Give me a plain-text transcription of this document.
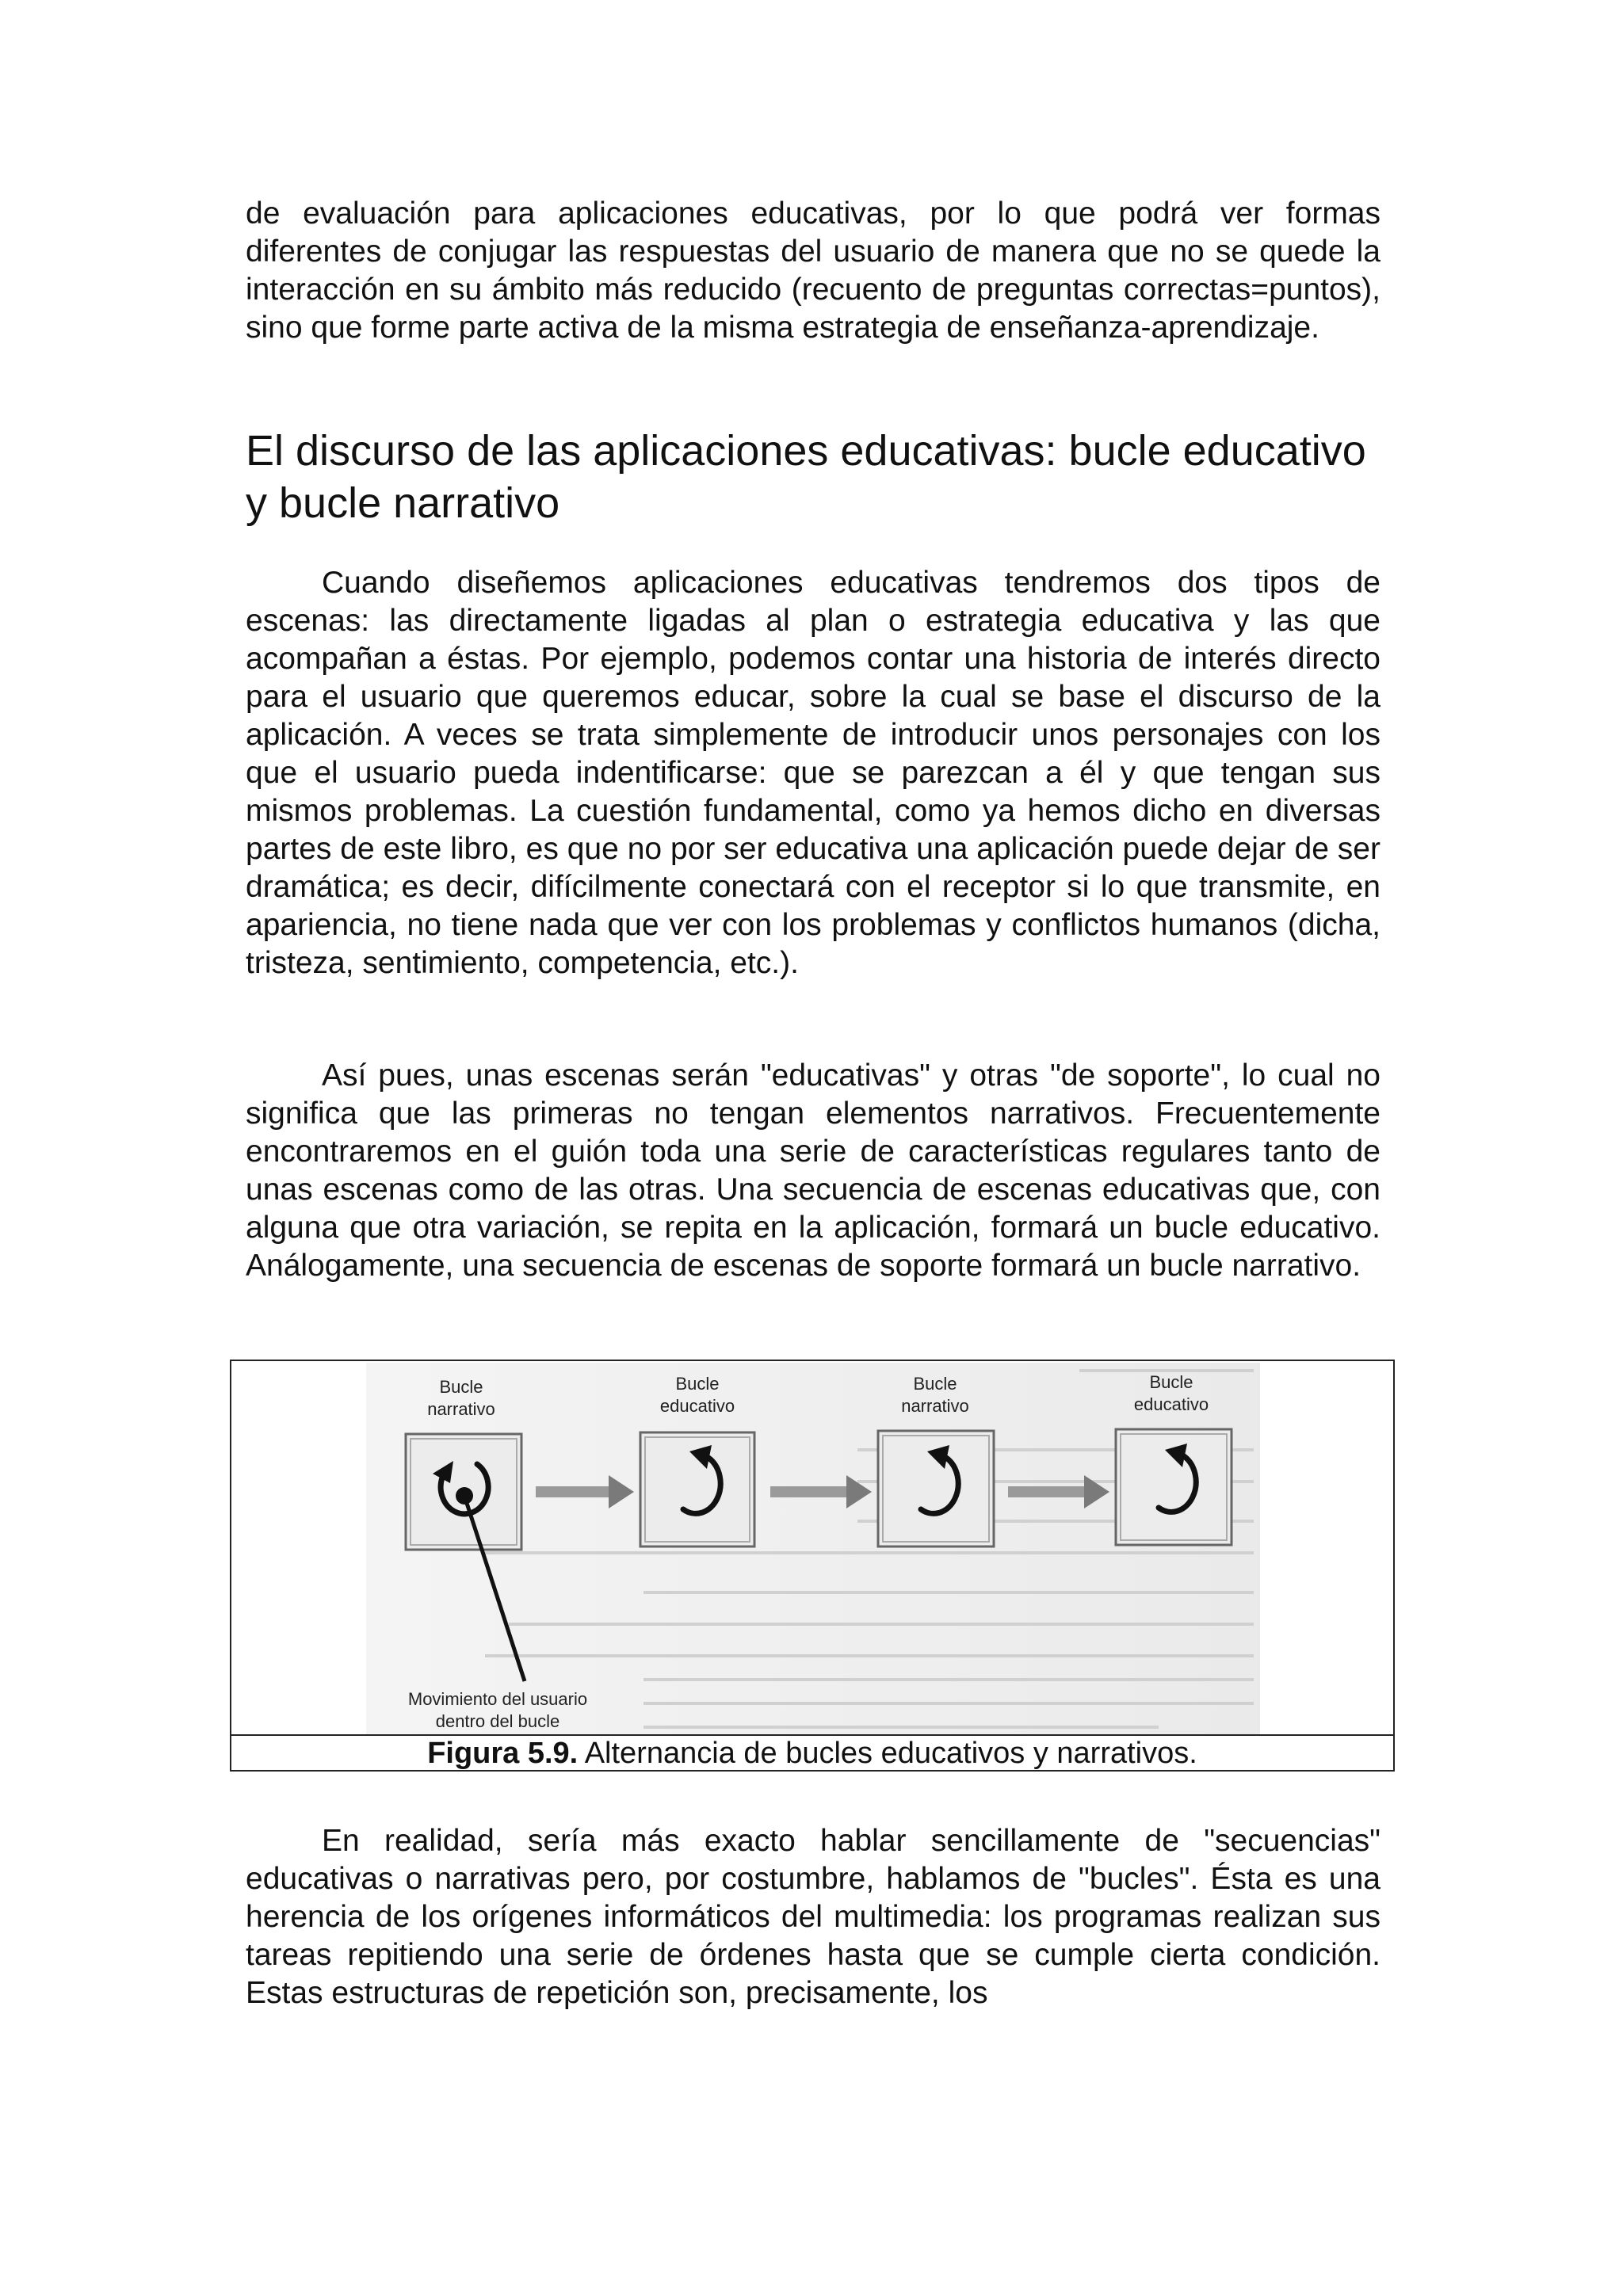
de evaluación para aplicaciones educativas, por lo que podrá ver formas diferentes de conjugar las respuestas del usuario de manera que no se quede la interacción en su ámbito más reducido (recuento de preguntas correctas=puntos), sino que forme parte activa de la misma estrategia de enseñanza-aprendizaje.

El discurso de las aplicaciones educativas: bucle educativo y bucle narrativo

Cuando diseñemos aplicaciones educativas tendremos dos tipos de escenas: las directamente ligadas al plan o estrategia educativa y las que acompañan a éstas. Por ejemplo, podemos contar una historia de interés directo para el usuario que queremos educar, sobre la cual se base el discurso de la aplicación. A veces se trata simplemente de introducir unos personajes con los que el usuario pueda indentificarse: que se parezcan a él y que tengan sus mismos problemas. La cuestión fundamental, como ya hemos dicho en diversas partes de este libro, es que no por ser educativa una aplicación puede dejar de ser dramática; es decir, difícilmente conectará con el receptor si lo que transmite, en apariencia, no tiene nada que ver con los problemas y conflictos humanos (dicha, tristeza, sentimiento, competencia, etc.).

Así pues, unas escenas serán "educativas" y otras "de soporte", lo cual no significa que las primeras no tengan elementos narrativos. Frecuentemente encontraremos en el guión toda una serie de características regulares tanto de unas escenas como de las otras. Una secuencia de escenas educativas que, con alguna que otra variación, se repita en la aplicación, formará un bucle educativo. Análogamente, una secuencia de escenas de soporte formará un bucle narrativo.

Bucle
narrativo
Bucle
educativo
Bucle
narrativo
Bucle
educativo
Movimiento del usuario
dentro del bucle
Figura 5.9. Alternancia de bucles educativos y narrativos.

En realidad, sería más exacto hablar sencillamente de "secuencias" educativas o narrativas pero, por costumbre, hablamos de "bucles". Ésta es una herencia de los orígenes informáticos del multimedia: los programas realizan sus tareas repitiendo una serie de órdenes hasta que se cumple cierta condición. Estas estructuras de repetición son, precisamente, los
